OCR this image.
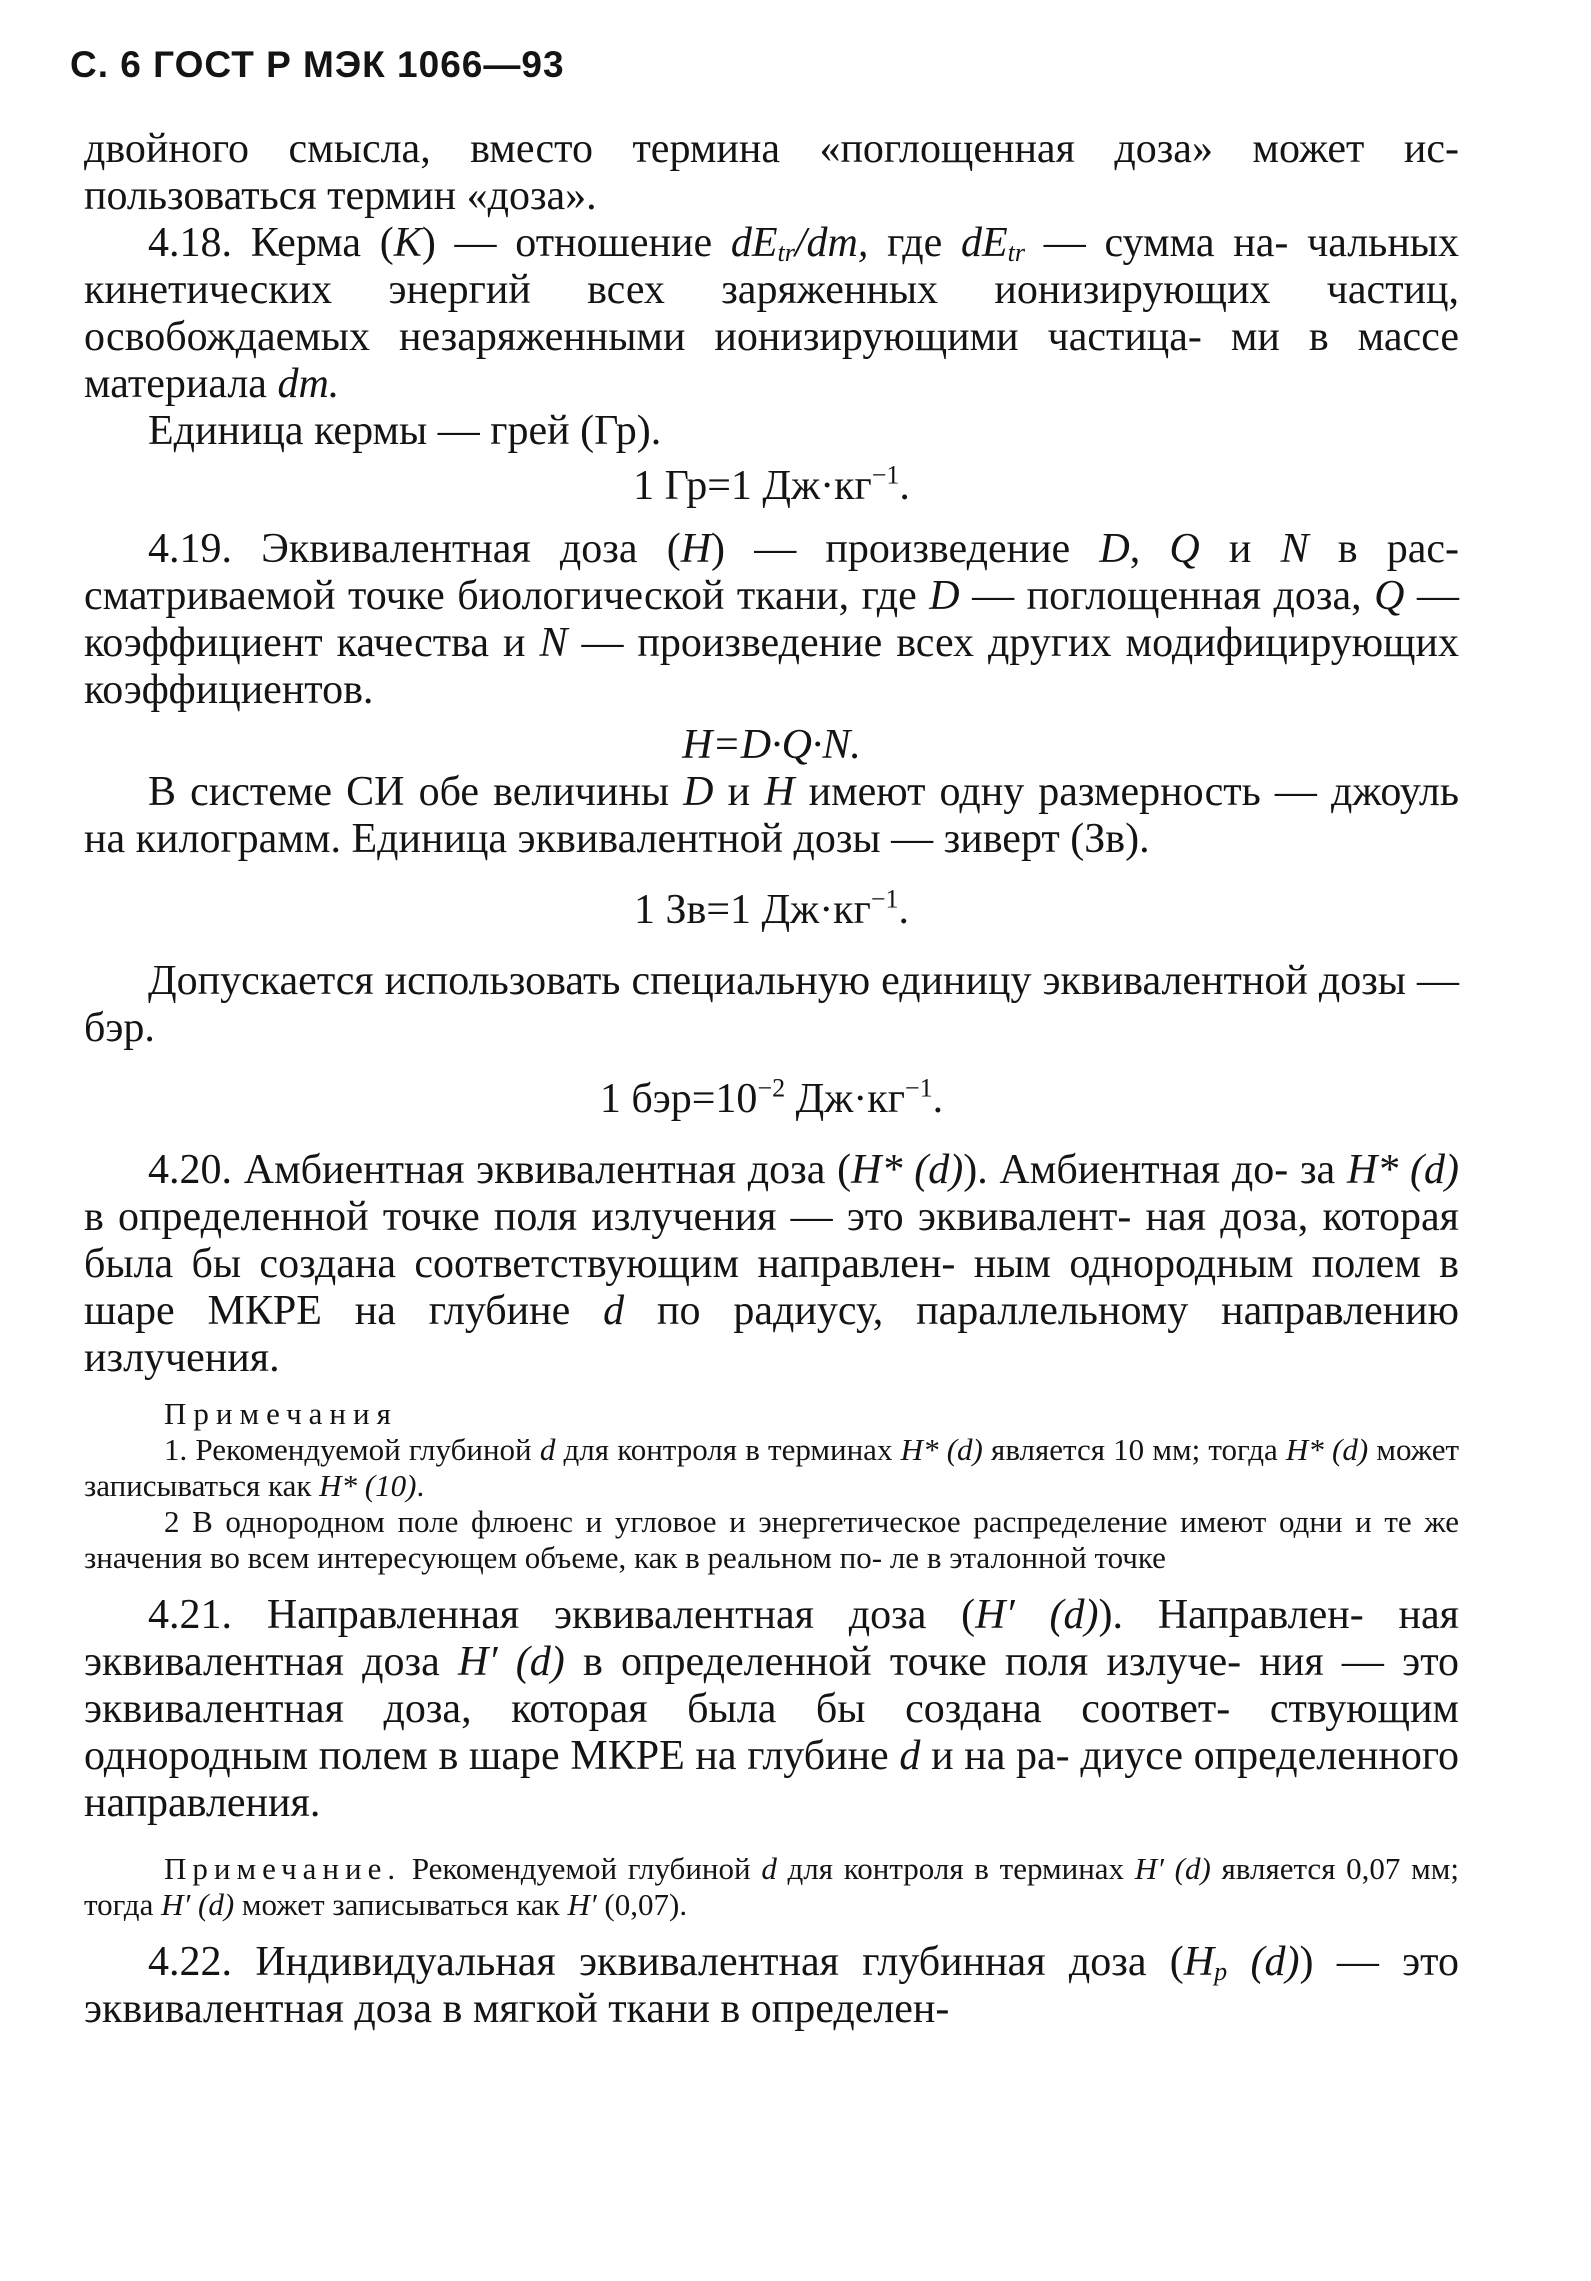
С. 6 ГОСТ Р МЭК 1066—93

двойного смысла, вместо термина «поглощенная доза» может ис- пользоваться термин «доза».

4.18. Керма (K) — отношение $dE_{tr}/dm$, где $dE_{tr}$ — сумма на- чальных кинетических энергий всех заряженных ионизирующих частиц, освобождаемых незаряженными ионизирующими частица- ми в массе материала dm.

Единица кермы — грей (Гр).

1 Гр=1 $Дж\cdot кг^{-1}$.

4.19. Эквивалентная доза (H) — произведение D, Q и N в рас- сматриваемой точке биологической ткани, где D — поглощенная доза, Q — коэффициент качества и N — произведение всех других модифицирующих коэффициентов.

H=D·Q·N.

В системе СИ обе величины D и H имеют одну размерность — джоуль на килограмм. Единица эквивалентной дозы — зиверт (Зв).

1 Зв=1 $Дж\cdot кг^{-1}$.

Допускается использовать специальную единицу эквивалентной дозы — бэр.

1 $бэр=10^{-2}$ $Дж\cdot кг^{-1}$.

4.20. Амбиентная эквивалентная доза (H* (d)). Амбиентная до- за H* (d) в определенной точке поля излучения — это эквивалент- ная доза, которая была бы создана соответствующим направлен- ным однородным полем в шаре МКРЕ на глубине d по радиусу, параллельному направлению излучения.

Примечания

1. Рекомендуемой глубиной d для контроля в терминах H* (d) является 10 мм; тогда H* (d) может записываться как H* (10).

2 В однородном поле флюенс и угловое и энергетическое распределение имеют одни и те же значения во всем интересующем объеме, как в реальном по- ле в эталонной точке

4.21. Направленная эквивалентная доза (H′ (d)). Направлен- ная эквивалентная доза H′ (d) в определенной точке поля излуче- ния — это эквивалентная доза, которая была бы создана соответ- ствующим однородным полем в шаре МКРЕ на глубине d и на ра- диусе определенного направления.

Примечание. Рекомендуемой глубиной d для контроля в терминах H′ (d) является 0,07 мм; тогда H′ (d) может записываться как H′ (0,07).

4.22. Индивидуальная эквивалентная глубинная доза ($H_p$ (d)) — это эквивалентная доза в мягкой ткани в определен-
